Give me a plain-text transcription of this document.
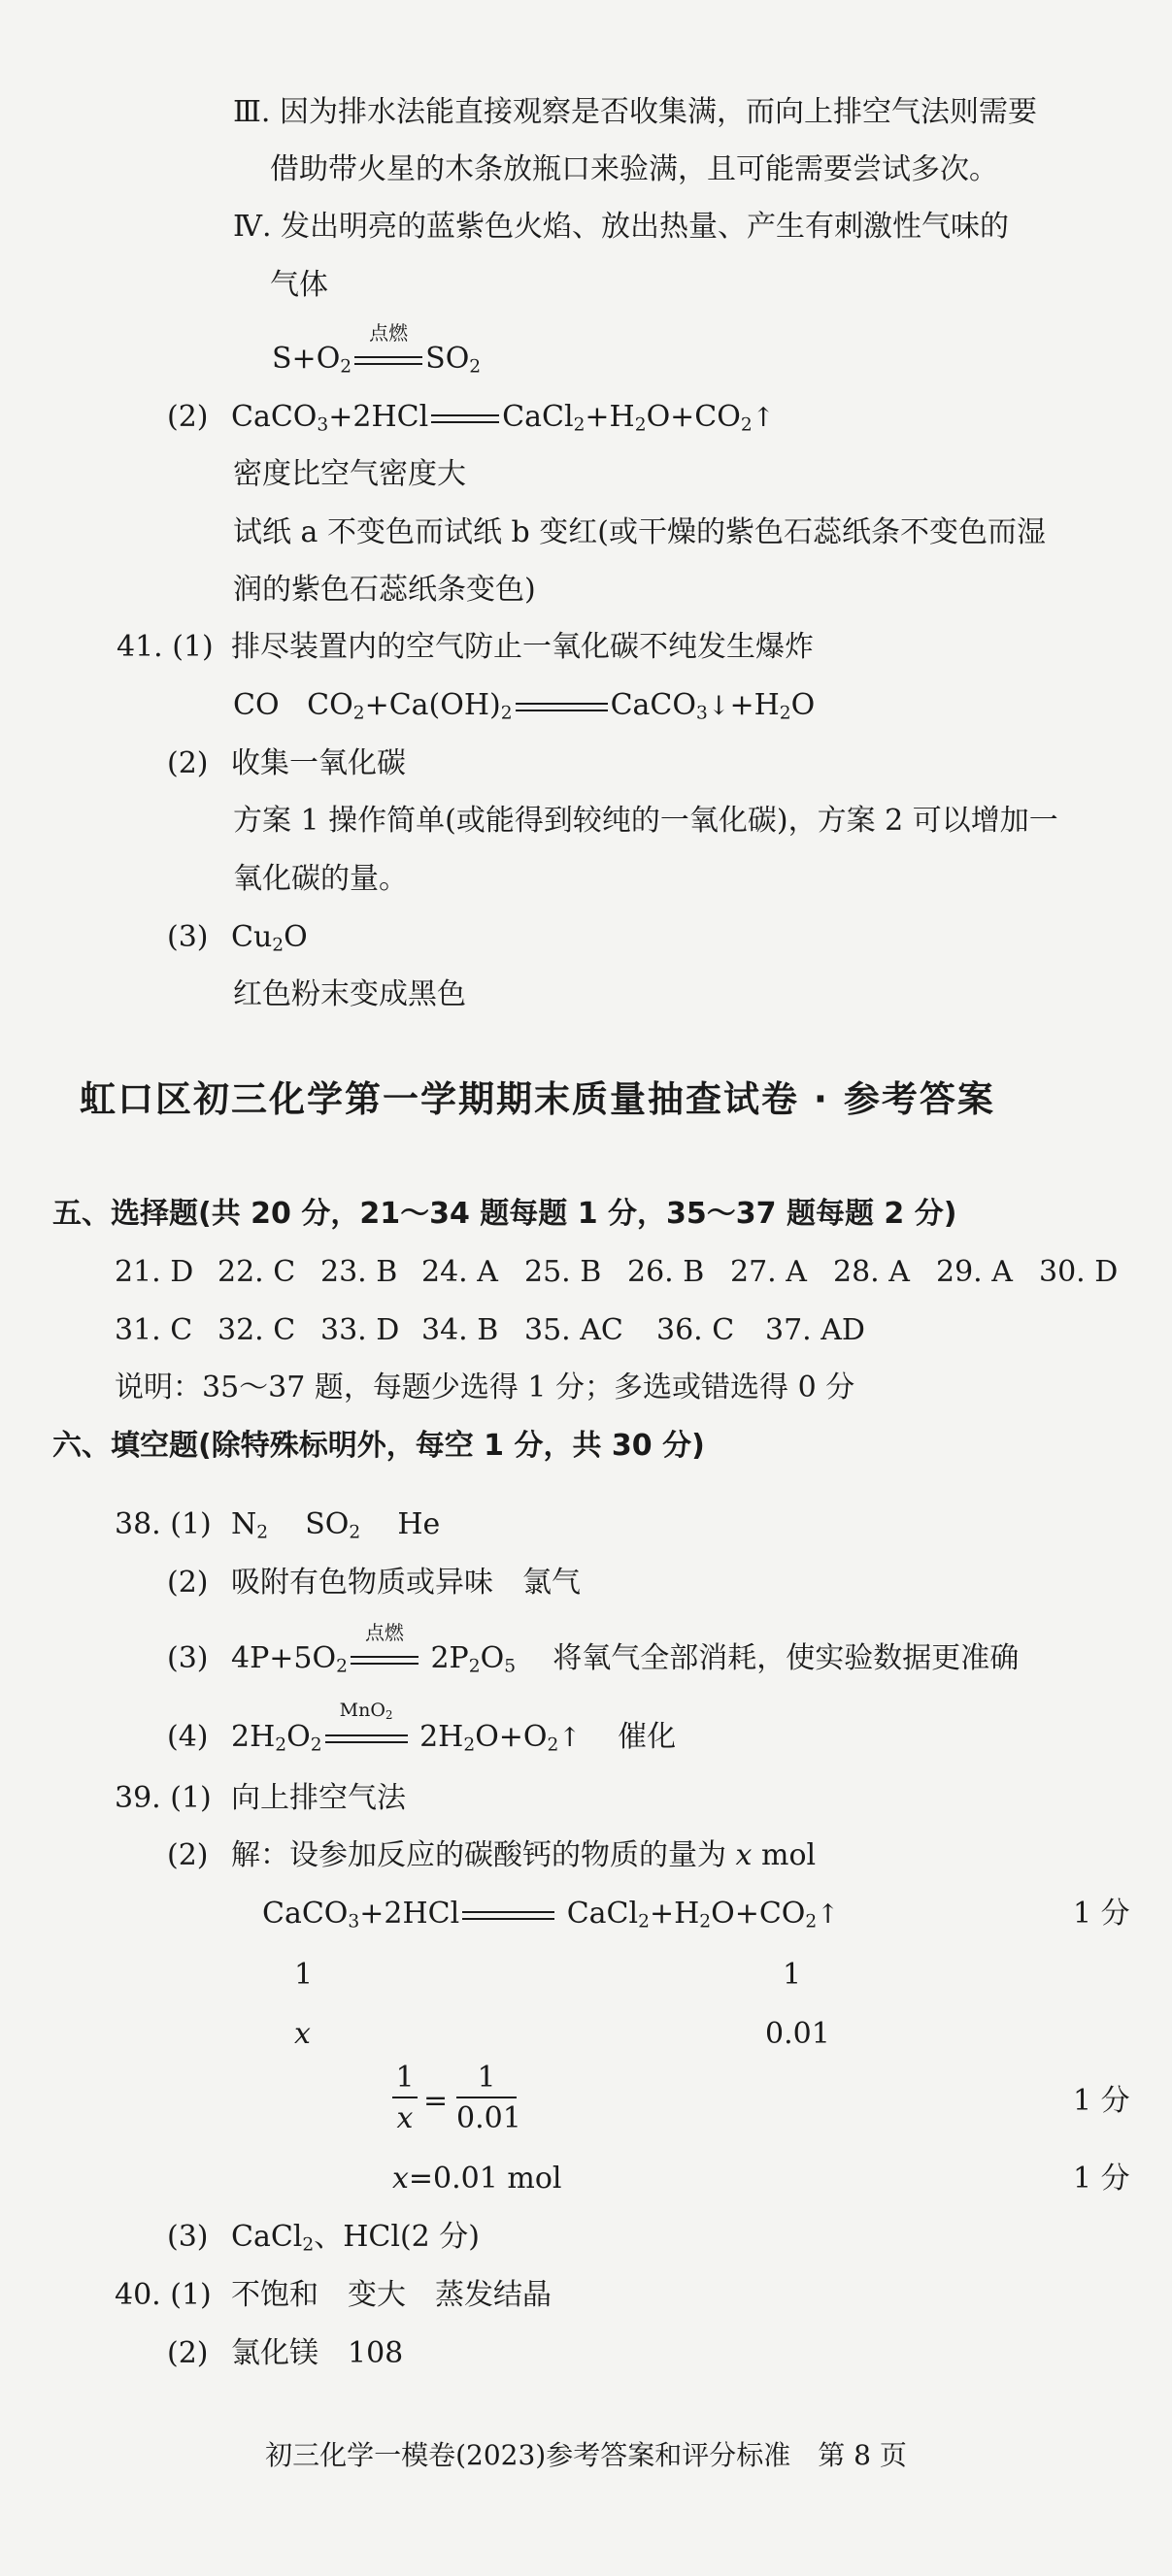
Ⅲ. 因为排水法能直接观察是否收集满，而向上排空气法则需要
借助带火星的木条放瓶口来验满，且可能需要尝试多次。
Ⅳ. 发出明亮的蓝紫色火焰、放出热量、产生有刺激性气味的
气体
$S+O_2$
点燃
$SO_2$
(2) CaCO$_3$+2HCl	$CaCl_2+H_2O+CO_2↑$
密度比空气密度大
试纸 a 不变色而试纸 b 变红(或干燥的紫色石蕊纸条不变色而湿
润的紫色石蕊纸条变色)
41. (1) 排尽装置内的空气防止一氧化碳不纯发生爆炸
CO   $CO_2+Ca(OH)_2$	$CaCO_3↓+H_2O$
(2) 收集一氧化碳
方案 1 操作简单(或能得到较纯的一氧化碳)，方案 2 可以增加一
氧化碳的量。
(3) $Cu_2O$
红色粉末变成黑色
虹口区初三化学第一学期期末质量抽查试卷 · 参考答案
五、选择题(共 20 分，21～34 题每题 1 分，35～37 题每题 2 分)
21. D 22. C 23. B 24. A 25. B 26. B 27. A 28. A 29. A 30. D
31. C 32. C 33. D 34. B 35. AC 36. C 37. AD
说明：35～37 题，每题少选得 1 分；多选或错选得 0 分
六、填空题(除特殊标明外，每空 1 分，共 30 分)
38. (1) $N_2$    $SO_2$    He
(2) 吸附有色物质或异味　氯气
(3) $4P+5O_2$
点燃
$2P_2O_5$ 将氧气全部消耗，使实验数据更准确
(4) $2H_2O_2$
MnO$_2$
$2H_2O+O_2↑$ 催化
39. (1) 向上排空气法
(2) 解：设参加反应的碳酸钙的物质的量为 x mol
CaCO$_3$+2HCl	$CaCl_2+H_2O+CO_2↑$	1 分
1	1
x	0.01
$\frac{1}{x} = \frac{1}{0.01}$	1 分
x=0.01 mol	1 分
(3) CaCl$_2$、HCl(2 分)
40. (1) 不饱和　变大　蒸发结晶
(2) 氯化镁　108
初三化学一模卷(2023)参考答案和评分标准　第 8 页
